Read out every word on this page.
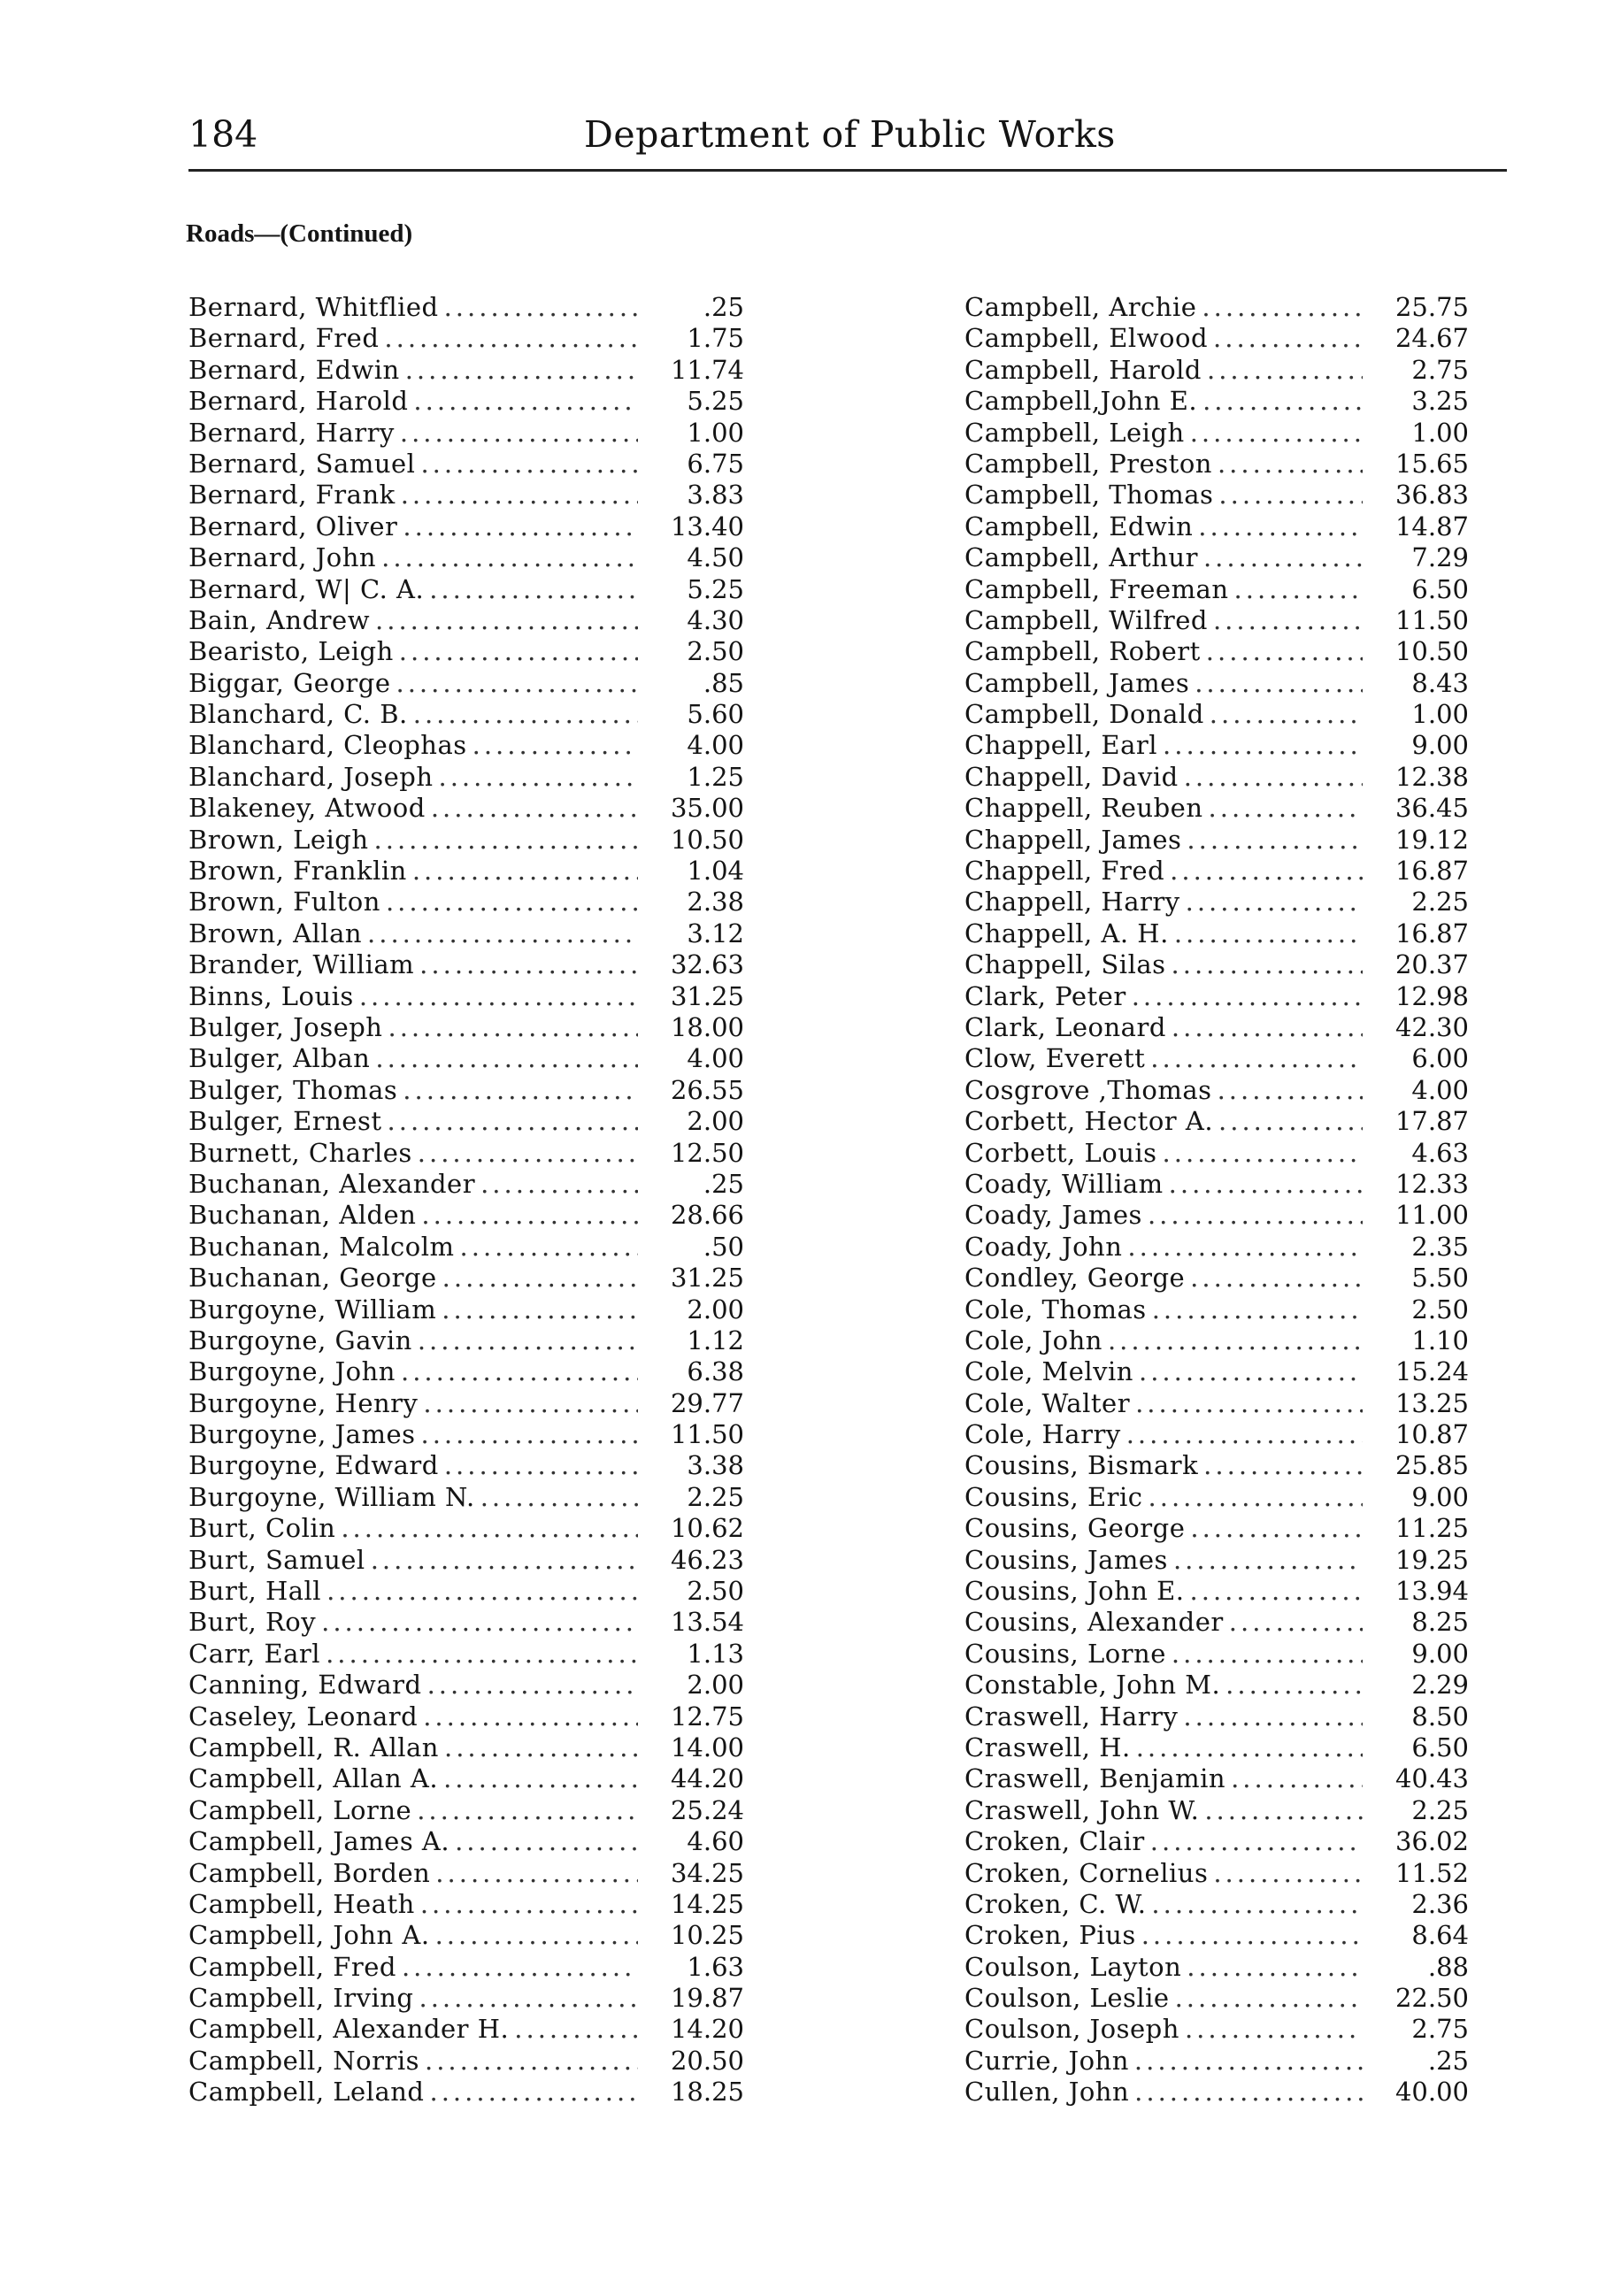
184	Department of Public Works
Roads—(Continued)
Bernard, Whitflied .....	.25
Bernard, Fred .....	1.75
Bernard, Edwin .....	11.74
Bernard, Harold .....	5.25
Bernard, Harry .....	1.00
Bernard, Samuel .....	6.75
Bernard, Frank .....	3.83
Bernard, Oliver .....	13.40
Bernard, John .....	4.50
Bernard, W| C. A. .....	5.25
Bain, Andrew .....	4.30
Bearisto, Leigh .....	2.50
Biggar, George .....	.85
Blanchard, C. B. .....	5.60
Blanchard, Cleophas .....	4.00
Blanchard, Joseph .....	1.25
Blakeney, Atwood .....	35.00
Brown, Leigh .....	10.50
Brown, Franklin .....	1.04
Brown, Fulton .....	2.38
Brown, Allan .....	3.12
Brander, William .....	32.63
Binns, Louis .....	31.25
Bulger, Joseph .....	18.00
Bulger, Alban .....	4.00
Bulger, Thomas .....	26.55
Bulger, Ernest .....	2.00
Burnett, Charles .....	12.50
Buchanan, Alexander .....	.25
Buchanan, Alden .....	28.66
Buchanan, Malcolm .....	.50
Buchanan, George .....	31.25
Burgoyne, William .....	2.00
Burgoyne, Gavin .....	1.12
Burgoyne, John .....	6.38
Burgoyne, Henry .....	29.77
Burgoyne, James .....	11.50
Burgoyne, Edward .....	3.38
Burgoyne, William N. .....	2.25
Burt, Colin .....	10.62
Burt, Samuel .....	46.23
Burt, Hall .....	2.50
Burt, Roy .....	13.54
Carr, Earl .....	1.13
Canning, Edward .....	2.00
Caseley, Leonard .....	12.75
Campbell, R. Allan .....	14.00
Campbell, Allan A. .....	44.20
Campbell, Lorne .....	25.24
Campbell, James A. .....	4.60
Campbell, Borden .....	34.25
Campbell, Heath .....	14.25
Campbell, John A. .....	10.25
Campbell, Fred .....	1.63
Campbell, Irving .....	19.87
Campbell, Alexander H. .....	14.20
Campbell, Norris .....	20.50
Campbell, Leland .....	18.25
Campbell, Archie .....	25.75
Campbell, Elwood .....	24.67
Campbell, Harold .....	2.75
Campbell,John E. .....	3.25
Campbell, Leigh .....	1.00
Campbell, Preston .....	15.65
Campbell, Thomas .....	36.83
Campbell, Edwin .....	14.87
Campbell, Arthur .....	7.29
Campbell, Freeman .....	6.50
Campbell, Wilfred .....	11.50
Campbell, Robert .....	10.50
Campbell, James .....	8.43
Campbell, Donald .....	1.00
Chappell, Earl .....	9.00
Chappell, David .....	12.38
Chappell, Reuben .....	36.45
Chappell, James .....	19.12
Chappell, Fred .....	16.87
Chappell, Harry .....	2.25
Chappell, A. H. .....	16.87
Chappell, Silas .....	20.37
Clark, Peter .....	12.98
Clark, Leonard .....	42.30
Clow, Everett .....	6.00
Cosgrove ,Thomas .....	4.00
Corbett, Hector A. .....	17.87
Corbett, Louis .....	4.63
Coady, William .....	12.33
Coady, James .....	11.00
Coady, John .....	2.35
Condley, George .....	5.50
Cole, Thomas .....	2.50
Cole, John .....	1.10
Cole, Melvin .....	15.24
Cole, Walter .....	13.25
Cole, Harry .....	10.87
Cousins, Bismark .....	25.85
Cousins, Eric .....	9.00
Cousins, George .....	11.25
Cousins, James .....	19.25
Cousins, John E. .....	13.94
Cousins, Alexander .....	8.25
Cousins, Lorne .....	9.00
Constable, John M. .....	2.29
Craswell, Harry .....	8.50
Craswell, H. .....	6.50
Craswell, Benjamin .....	40.43
Craswell, John W. .....	2.25
Croken, Clair .....	36.02
Croken, Cornelius .....	11.52
Croken, C. W. .....	2.36
Croken, Pius .....	8.64
Coulson, Layton .....	.88
Coulson, Leslie .....	22.50
Coulson, Joseph .....	2.75
Currie, John .....	.25
Cullen, John .....	40.00
